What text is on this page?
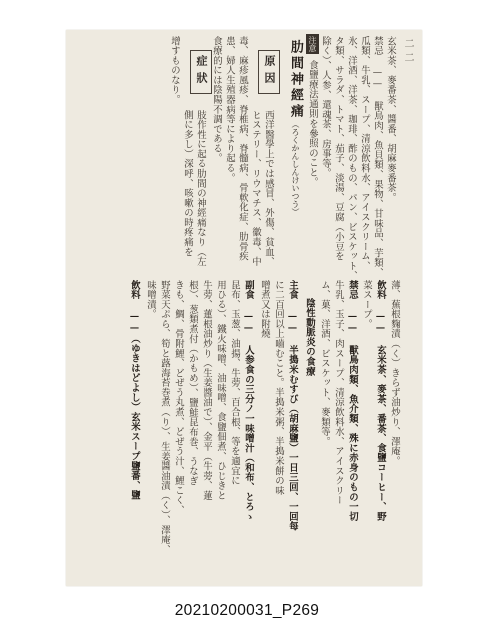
二二
玄米茶、麥番茶、醬番、胡麻麥番茶。
禁忌 —— 獸鳥肉、魚貝類、果物、甘味品、芋類、
瓜類、牛乳、スープ、清涼飲料水、アイスクリーム、
氷、洋酒、洋茶、珈琲、酢のもの、パン、ビスケット、バ
タ類、サラダ、トマト、茄子、淡湯、豆腐（小豆を
除く）、人参、還魂茶、房事等。
注意
食鹽療法通則を參照のこと。
肋間神經痛（ろくかんしんけいつう）
原因
西洋醫學上では感冒、外傷、貧血、
ヒステリー、リウマチス、徽毒、中
毒、麻疹風疹、脊椎病、脊髓病、骨軟化症、肋骨疾
患、婦人生殖器病等により起る。
食療的には陰陽不調である。
症狀
肢作性に起る肋間の神經痛なり（左
側に多し）深呼、咳嗽の時疼痛を
增すものなり。
薄、蕪根麴漬（く）きらず油炒り、澤庵。
飲料 —— 玄米茶、麥茶、番茶、食鹽コーヒー、野
菜スープ。
禁忌 —— 獸鳥肉類、魚介類、殊に赤身のもの一切
牛乳、玉子、肉スープ、清涼飲料水、アイスクリー
ム、菓、洋酒、ビスケット、麥類等。
陰性動脈炎の食療
主食 —— 半搗米むすび（胡麻鹽）一日三回、一回每
に二百回以上嚙むこと。半搗米粥、半搗米餅の味
噌煮又は附燒
副食 —— 人参食の三分ノ一味噌汁（和布、とろゝ
昆布、玉葱、油揚、牛蒡、百合根、等を適宜に
用ひる）、鐵火味噌、油味噌、食鹽佃煮、ひじきと
牛蒡、蓮根油炒り（生姜醬油で）、金平（牛蒡、蓮
根）、葱類煮付（かもめ）、鹽鮭昆布巻、うなぎ
きも、鯛、骨附鯉、どぜう丸煮、どぜう汁、鯉こく、
野菜天ぷら、筍と蕗海苔巻煮（り）、生姜醬油漬（く）、澤庵、
味噌漬。
飲料 ——（ゆきはどよし）玄米スープ鹽番、鹽
20210200031_P269
